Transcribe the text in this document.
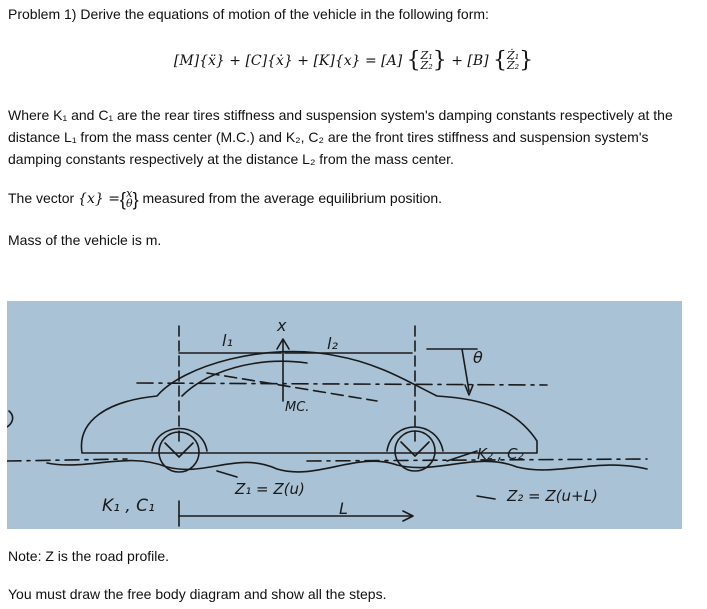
Problem 1) Derive the equations of motion of the vehicle in the following form:

[M]{ẍ} + [C]{ẋ} + [K]{x} = [A] { Z₁
Z₂ } + [B] { Ż₁
Ż₂ }

Where K₁ and C₁ are the rear tires stiffness and suspension system's damping constants respectively at the distance L₁ from the mass center (M.C.) and K₂, C₂ are the front tires stiffness and suspension system's damping constants respectively at the distance L₂ from the mass center.

The vector {x} ={ x
θ } measured from the average equilibrium position.

Mass of the vehicle is m.

l₁
x
l₂
θ
MC.
K₂ , C₂
Z₁ = Z(u)	Z₂ = Z(u+L)
K₁ , C₁	L

Note: Z is the road profile.

You must draw the free body diagram and show all the steps.
